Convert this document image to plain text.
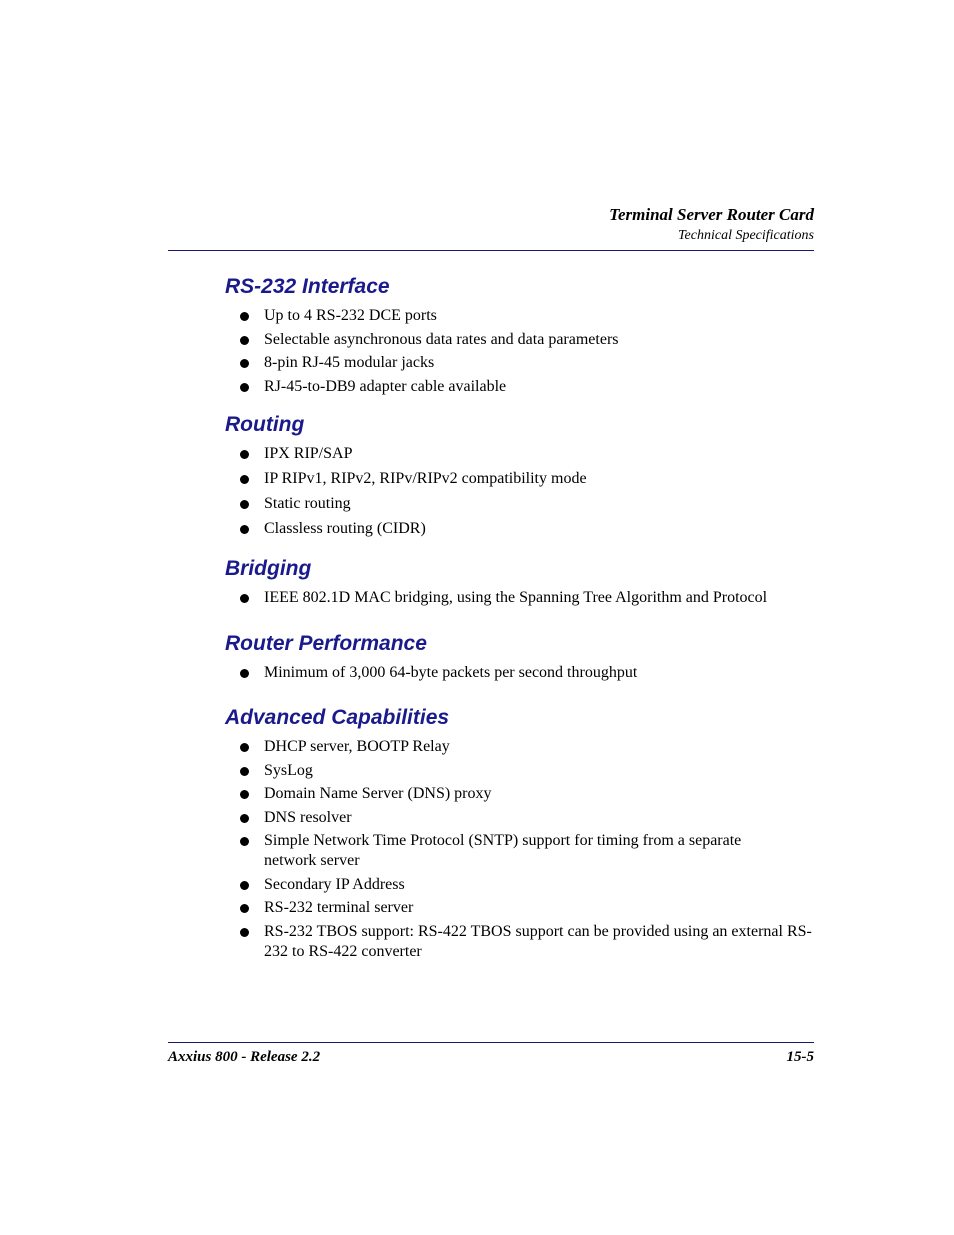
Terminal Server Router Card
Technical Specifications
RS-232 Interface
Up to 4 RS-232 DCE ports
Selectable asynchronous data rates and data parameters
8-pin RJ-45 modular jacks
RJ-45-to-DB9 adapter cable available
Routing
IPX RIP/SAP
IP RIPv1, RIPv2, RIPv/RIPv2 compatibility mode
Static routing
Classless routing (CIDR)
Bridging
IEEE 802.1D MAC bridging, using the Spanning Tree Algorithm and Protocol
Router Performance
Minimum of 3,000 64-byte packets per second throughput
Advanced Capabilities
DHCP server, BOOTP Relay
SysLog
Domain Name Server (DNS) proxy
DNS resolver
Simple Network Time Protocol (SNTP) support for timing from a separate network server
Secondary IP Address
RS-232 terminal server
RS-232 TBOS support: RS-422 TBOS support can be provided using an external RS-232 to RS-422 converter
Axxius 800 - Release 2.2	15-5
